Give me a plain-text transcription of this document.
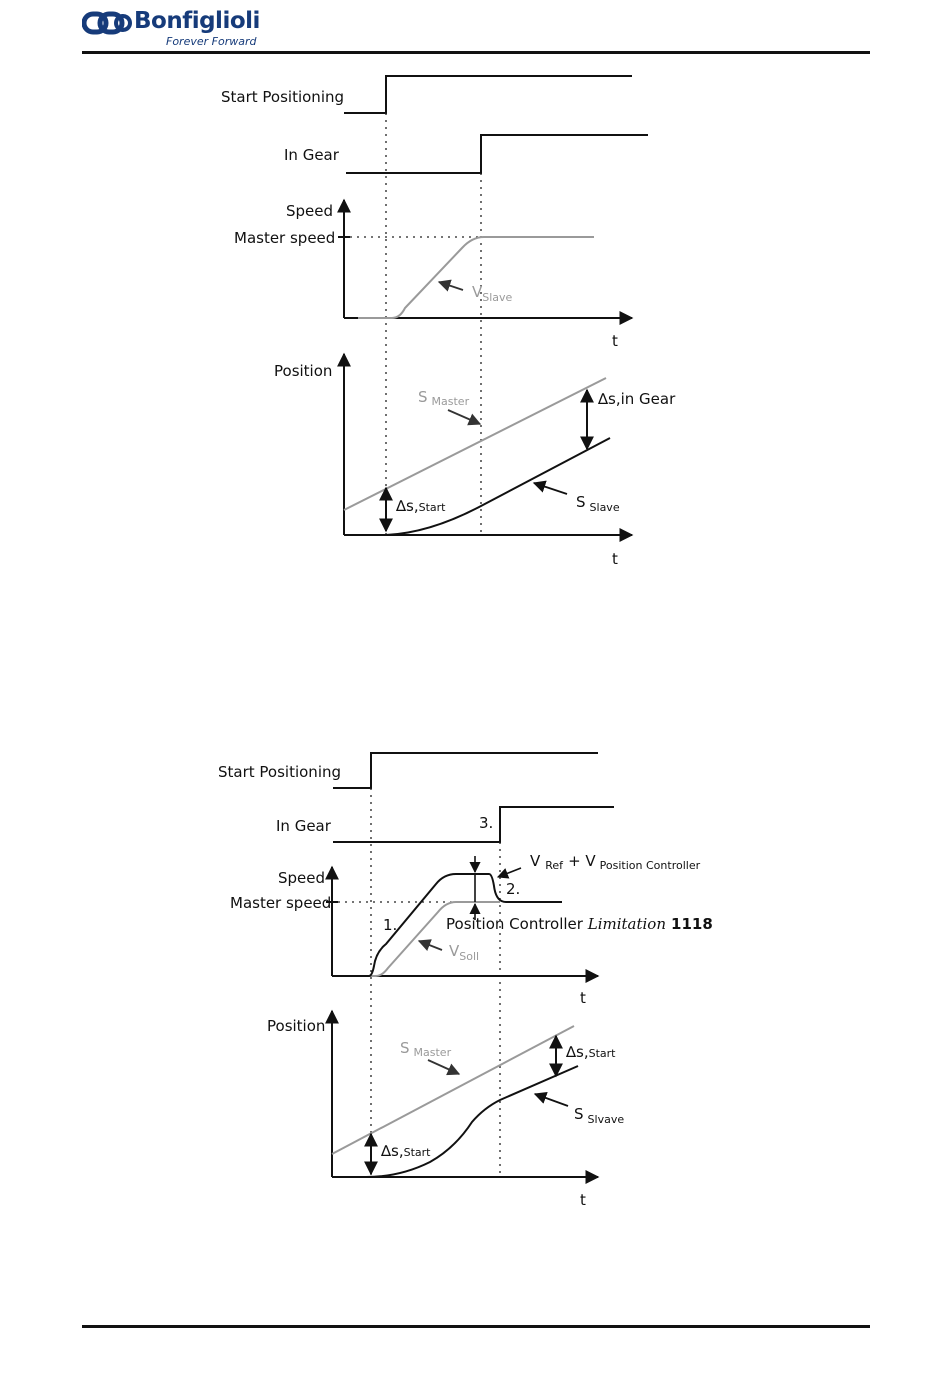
Bonfiglioli
Forever Forward
Start Positioning
In Gear
Speed
Master speed
$V_{Slave}$
t
Position
S $_{Master}$	∆s,in Gear
∆s,Start	S $_{Slave}$
t
Start Positioning
In Gear	3.
Speed
Master speed
V $_{Ref}$ + V $_{Position Controller}$
2.
1.	Position Controller Limitation 1118
$V_{Soll}$
t
Position
S $_{Master}$	∆s,Start
∆s,Start
S $_{Slvave}$
t
